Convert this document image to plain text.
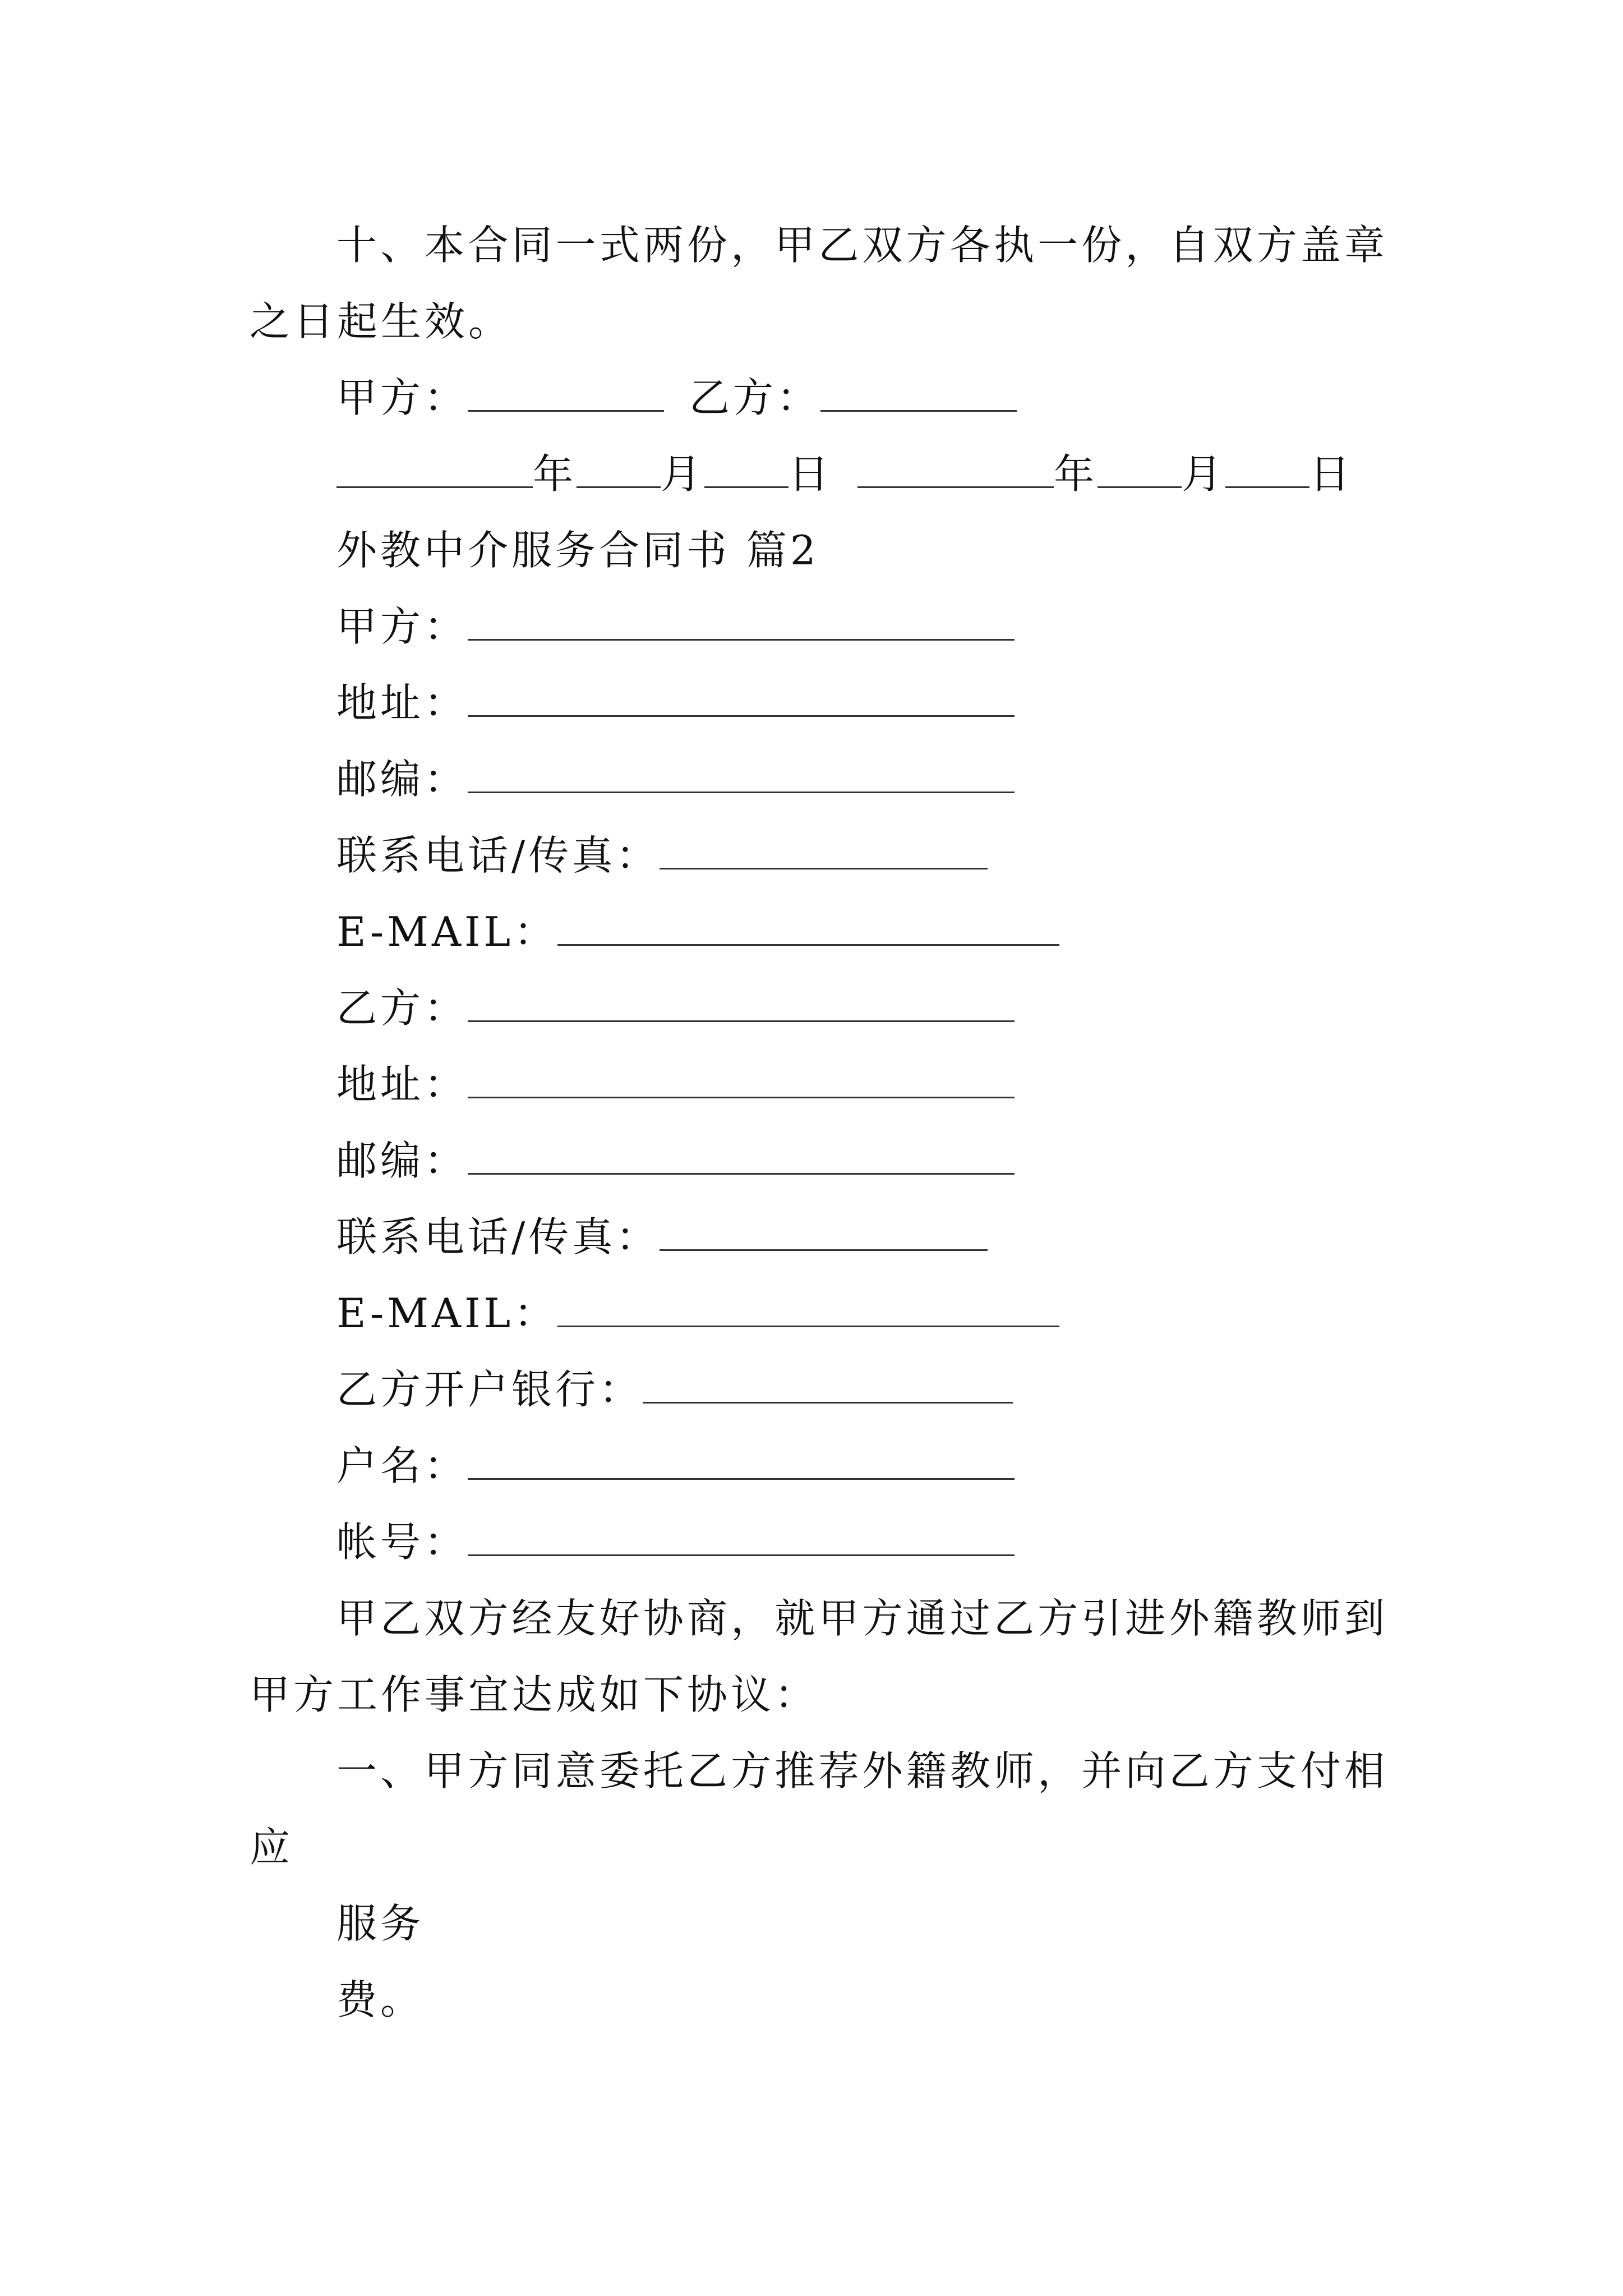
十、本合同一式两份，甲乙双方各执一份，自双方盖章
之日起生效。
甲方：	乙方：
年 月 日	年 月 日
外教中介服务合同书 篇2
甲方：
地址：
邮编：
联系电话/传真：
E-MAIL：
乙方：
地址：
邮编：
联系电话/传真：
E-MAIL：
乙方开户银行：
户名：
帐号：
甲乙双方经友好协商，就甲方通过乙方引进外籍教师到
甲方工作事宜达成如下协议：
一、甲方同意委托乙方推荐外籍教师，并向乙方支付相
应
服务
费。
